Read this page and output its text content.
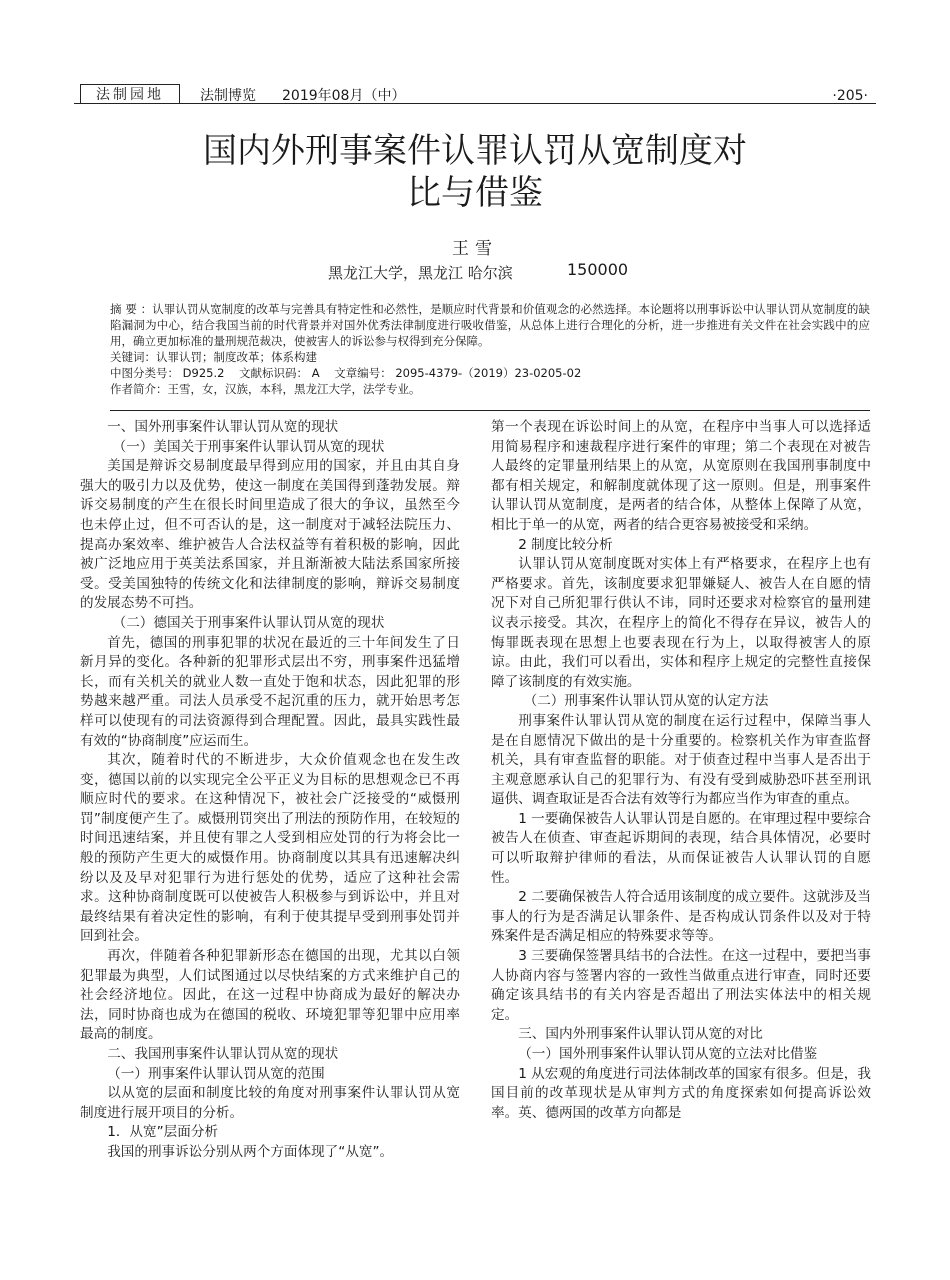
法制园地	法制博览 2019年08月（中）	·205·
国内外刑事案件认罪认罚从宽制度对
比与借鉴
王雪
黑龙江大学，黑龙江 哈尔滨	150000

摘 要 ：认罪认罚从宽制度的改革与完善具有特定性和必然性，是顺应时代背景和价值观念的必然选择。本论题将以刑事诉讼中认罪认罚从宽制度的缺陷漏洞为中心，结合我国当前的时代背景并对国外优秀法律制度进行吸收借鉴，从总体上进行合理化的分析，进一步推进有关文件在社会实践中的应用，确立更加标准的量刑规范裁决，使被害人的诉讼参与权得到充分保障。

关键词：认罪认罚；制度改革；体系构建

中图分类号： D925.2    文献标识码： A    文章编号： 2095-4379-（2019）23-0205-02

作者简介：王雪，女，汉族，本科，黑龙江大学，法学专业。

一、国外刑事案件认罪认罚从宽的现状

（一）美国关于刑事案件认罪认罚从宽的现状

美国是辩诉交易制度最早得到应用的国家，并且由其自身强大的吸引力以及优势，使这一制度在美国得到蓬勃发展。辩诉交易制度的产生在很长时间里造成了很大的争议，虽然至今也未停止过，但不可否认的是，这一制度对于减轻法院压力、提高办案效率、维护被告人合法权益等有着积极的影响，因此被广泛地应用于英美法系国家，并且渐渐被大陆法系国家所接受。受美国独特的传统文化和法律制度的影响，辩诉交易制度的发展态势不可挡。

（二）德国关于刑事案件认罪认罚从宽的现状

首先，德国的刑事犯罪的状况在最近的三十年间发生了日新月异的变化。各种新的犯罪形式层出不穷，刑事案件迅猛增长，而有关机关的就业人数一直处于饱和状态，因此犯罪的形势越来越严重。司法人员承受不起沉重的压力，就开始思考怎样可以使现有的司法资源得到合理配置。因此，最具实践性最有效的“协商制度”应运而生。

其次，随着时代的不断进步，大众价值观念也在发生改变，德国以前的以实现完全公平正义为目标的思想观念已不再顺应时代的要求。在这种情况下，被社会广泛接受的“威慑刑罚”制度便产生了。威慑刑罚突出了刑法的预防作用，在较短的时间迅速结案，并且使有罪之人受到相应处罚的行为将会比一般的预防产生更大的威慑作用。协商制度以其具有迅速解决纠纷以及及早对犯罪行为进行惩处的优势，适应了这种社会需求。这种协商制度既可以使被告人积极参与到诉讼中，并且对最终结果有着决定性的影响，有利于使其提早受到刑事处罚并回到社会。

再次，伴随着各种犯罪新形态在德国的出现，尤其以白领犯罪最为典型，人们试图通过以尽快结案的方式来维护自己的社会经济地位。因此，在这一过程中协商成为最好的解决办法，同时协商也成为在德国的税收、环境犯罪等犯罪中应用率最高的制度。

二、我国刑事案件认罪认罚从宽的现状

（一）刑事案件认罪认罚从宽的范围

以从宽的层面和制度比较的角度对刑事案件认罪认罚从宽制度进行展开项目的分析。

1．从宽”层面分析

我国的刑事诉讼分别从两个方面体现了“从宽”。

第一个表现在诉讼时间上的从宽，在程序中当事人可以选择适用简易程序和速裁程序进行案件的审理；第二个表现在对被告人最终的定罪量刑结果上的从宽，从宽原则在我国刑事制度中都有相关规定，和解制度就体现了这一原则。但是，刑事案件认罪认罚从宽制度，是两者的结合体，从整体上保障了从宽，相比于单一的从宽，两者的结合更容易被接受和采纳。

2 制度比较分析

认罪认罚从宽制度既对实体上有严格要求，在程序上也有严格要求。首先，该制度要求犯罪嫌疑人、被告人在自愿的情况下对自己所犯罪行供认不讳，同时还要求对检察官的量刑建议表示接受。其次，在程序上的简化不得存在异议，被告人的悔罪既表现在思想上也要表现在行为上，以取得被害人的原谅。由此，我们可以看出，实体和程序上规定的完整性直接保障了该制度的有效实施。

（二）刑事案件认罪认罚从宽的认定方法

刑事案件认罪认罚从宽的制度在运行过程中，保障当事人是在自愿情况下做出的是十分重要的。检察机关作为审查监督机关，具有审查监督的职能。对于侦查过程中当事人是否出于主观意愿承认自己的犯罪行为、有没有受到威胁恐吓甚至刑讯逼供、调查取证是否合法有效等行为都应当作为审查的重点。

1 一要确保被告人认罪认罚是自愿的。在审理过程中要综合被告人在侦查、审查起诉期间的表现，结合具体情况，必要时可以听取辩护律师的看法，从而保证被告人认罪认罚的自愿性。

2 二要确保被告人符合适用该制度的成立要件。这就涉及当事人的行为是否满足认罪条件、是否构成认罚条件以及对于特殊案件是否满足相应的特殊要求等等。

3 三要确保签署具结书的合法性。在这一过程中，要把当事人协商内容与签署内容的一致性当做重点进行审查，同时还要确定该具结书的有关内容是否超出了刑法实体法中的相关规定。

三、国内外刑事案件认罪认罚从宽的对比

（一）国外刑事案件认罪认罚从宽的立法对比借鉴

1 从宏观的角度进行司法体制改革的国家有很多。但是，我国目前的改革现状是从审判方式的角度探索如何提高诉讼效率。英、德两国的改革方向都是
